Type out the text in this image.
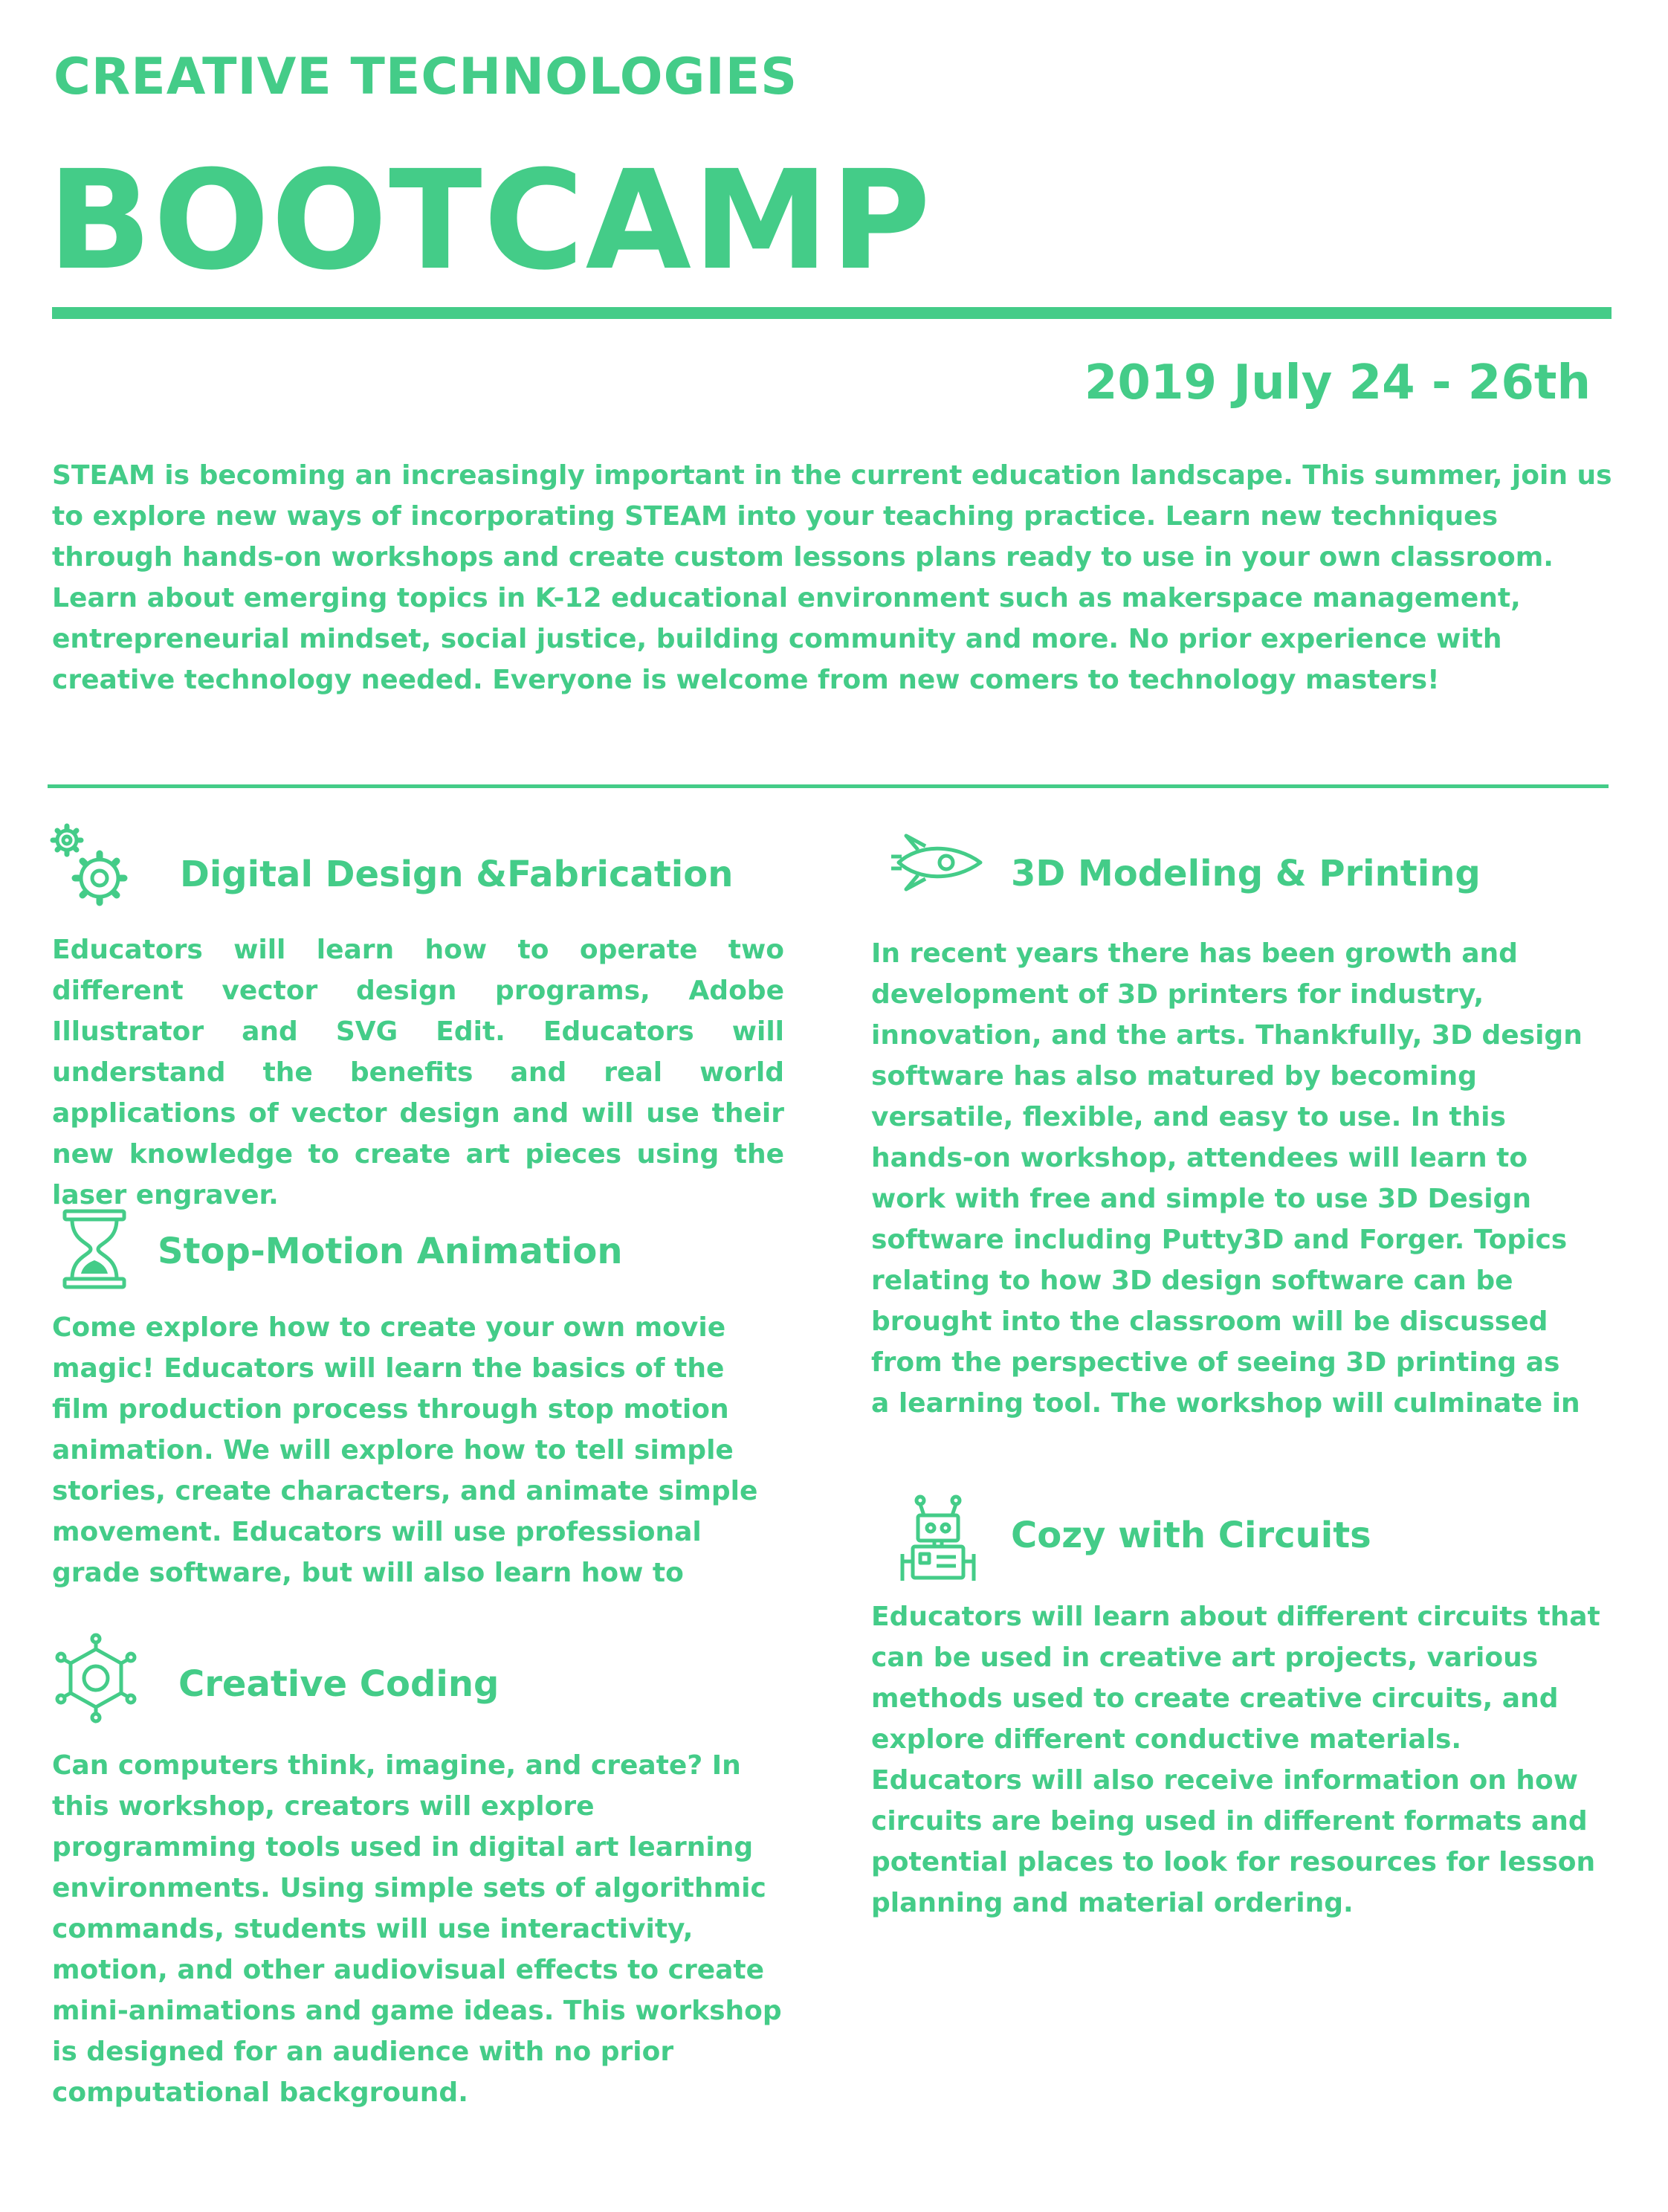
CREATIVE TECHNOLOGIES
BOOTCAMP
2019 July 24 - 26th
STEAM is becoming an increasingly important in the current education landscape. This summer, join us to explore new ways of incorporating STEAM into your teaching practice. Learn new techniques through hands-on workshops and create custom lessons plans ready to use in your own classroom. Learn about emerging topics in K-12 educational environment such as makerspace management, entrepreneurial mindset, social justice, building community and more. No prior experience with creative technology needed. Everyone is welcome from new comers to technology masters!
Digital Design &Fabrication
Educators will learn how to operate two different vector design programs, Adobe Illustrator and SVG Edit. Educators will understand the benefits and real world applications of vector design and will use their new knowledge to create art pieces using the laser engraver.
Stop-Motion Animation
Come explore how to create your own movie magic! Educators will learn the basics of the film production process through stop motion animation. We will explore how to tell simple stories, create characters, and animate simple movement. Educators will use professional grade software, but will also learn how to
Creative Coding
Can computers think, imagine, and create? In this workshop, creators will explore programming tools used in digital art learning environments. Using simple sets of algorithmic commands, students will use interactivity, motion, and other audiovisual effects to create mini-animations and game ideas. This workshop is designed for an audience with no prior computational background.
3D Modeling & Printing
In recent years there has been growth and development of 3D printers for industry, innovation, and the arts. Thankfully, 3D design software has also matured by becoming versatile, flexible, and easy to use. In this hands-on workshop, attendees will learn to work with free and simple to use 3D Design software including Putty3D and Forger. Topics relating to how 3D design software can be brought into the classroom will be discussed from the perspective of seeing 3D printing as a learning tool. The workshop will culminate in
Cozy with Circuits
Educators will learn about different circuits that can be used in creative art projects, various methods used to create creative circuits, and explore different conductive materials. Educators will also receive information on how circuits are being used in different formats and potential places to look for resources for lesson planning and material ordering.
